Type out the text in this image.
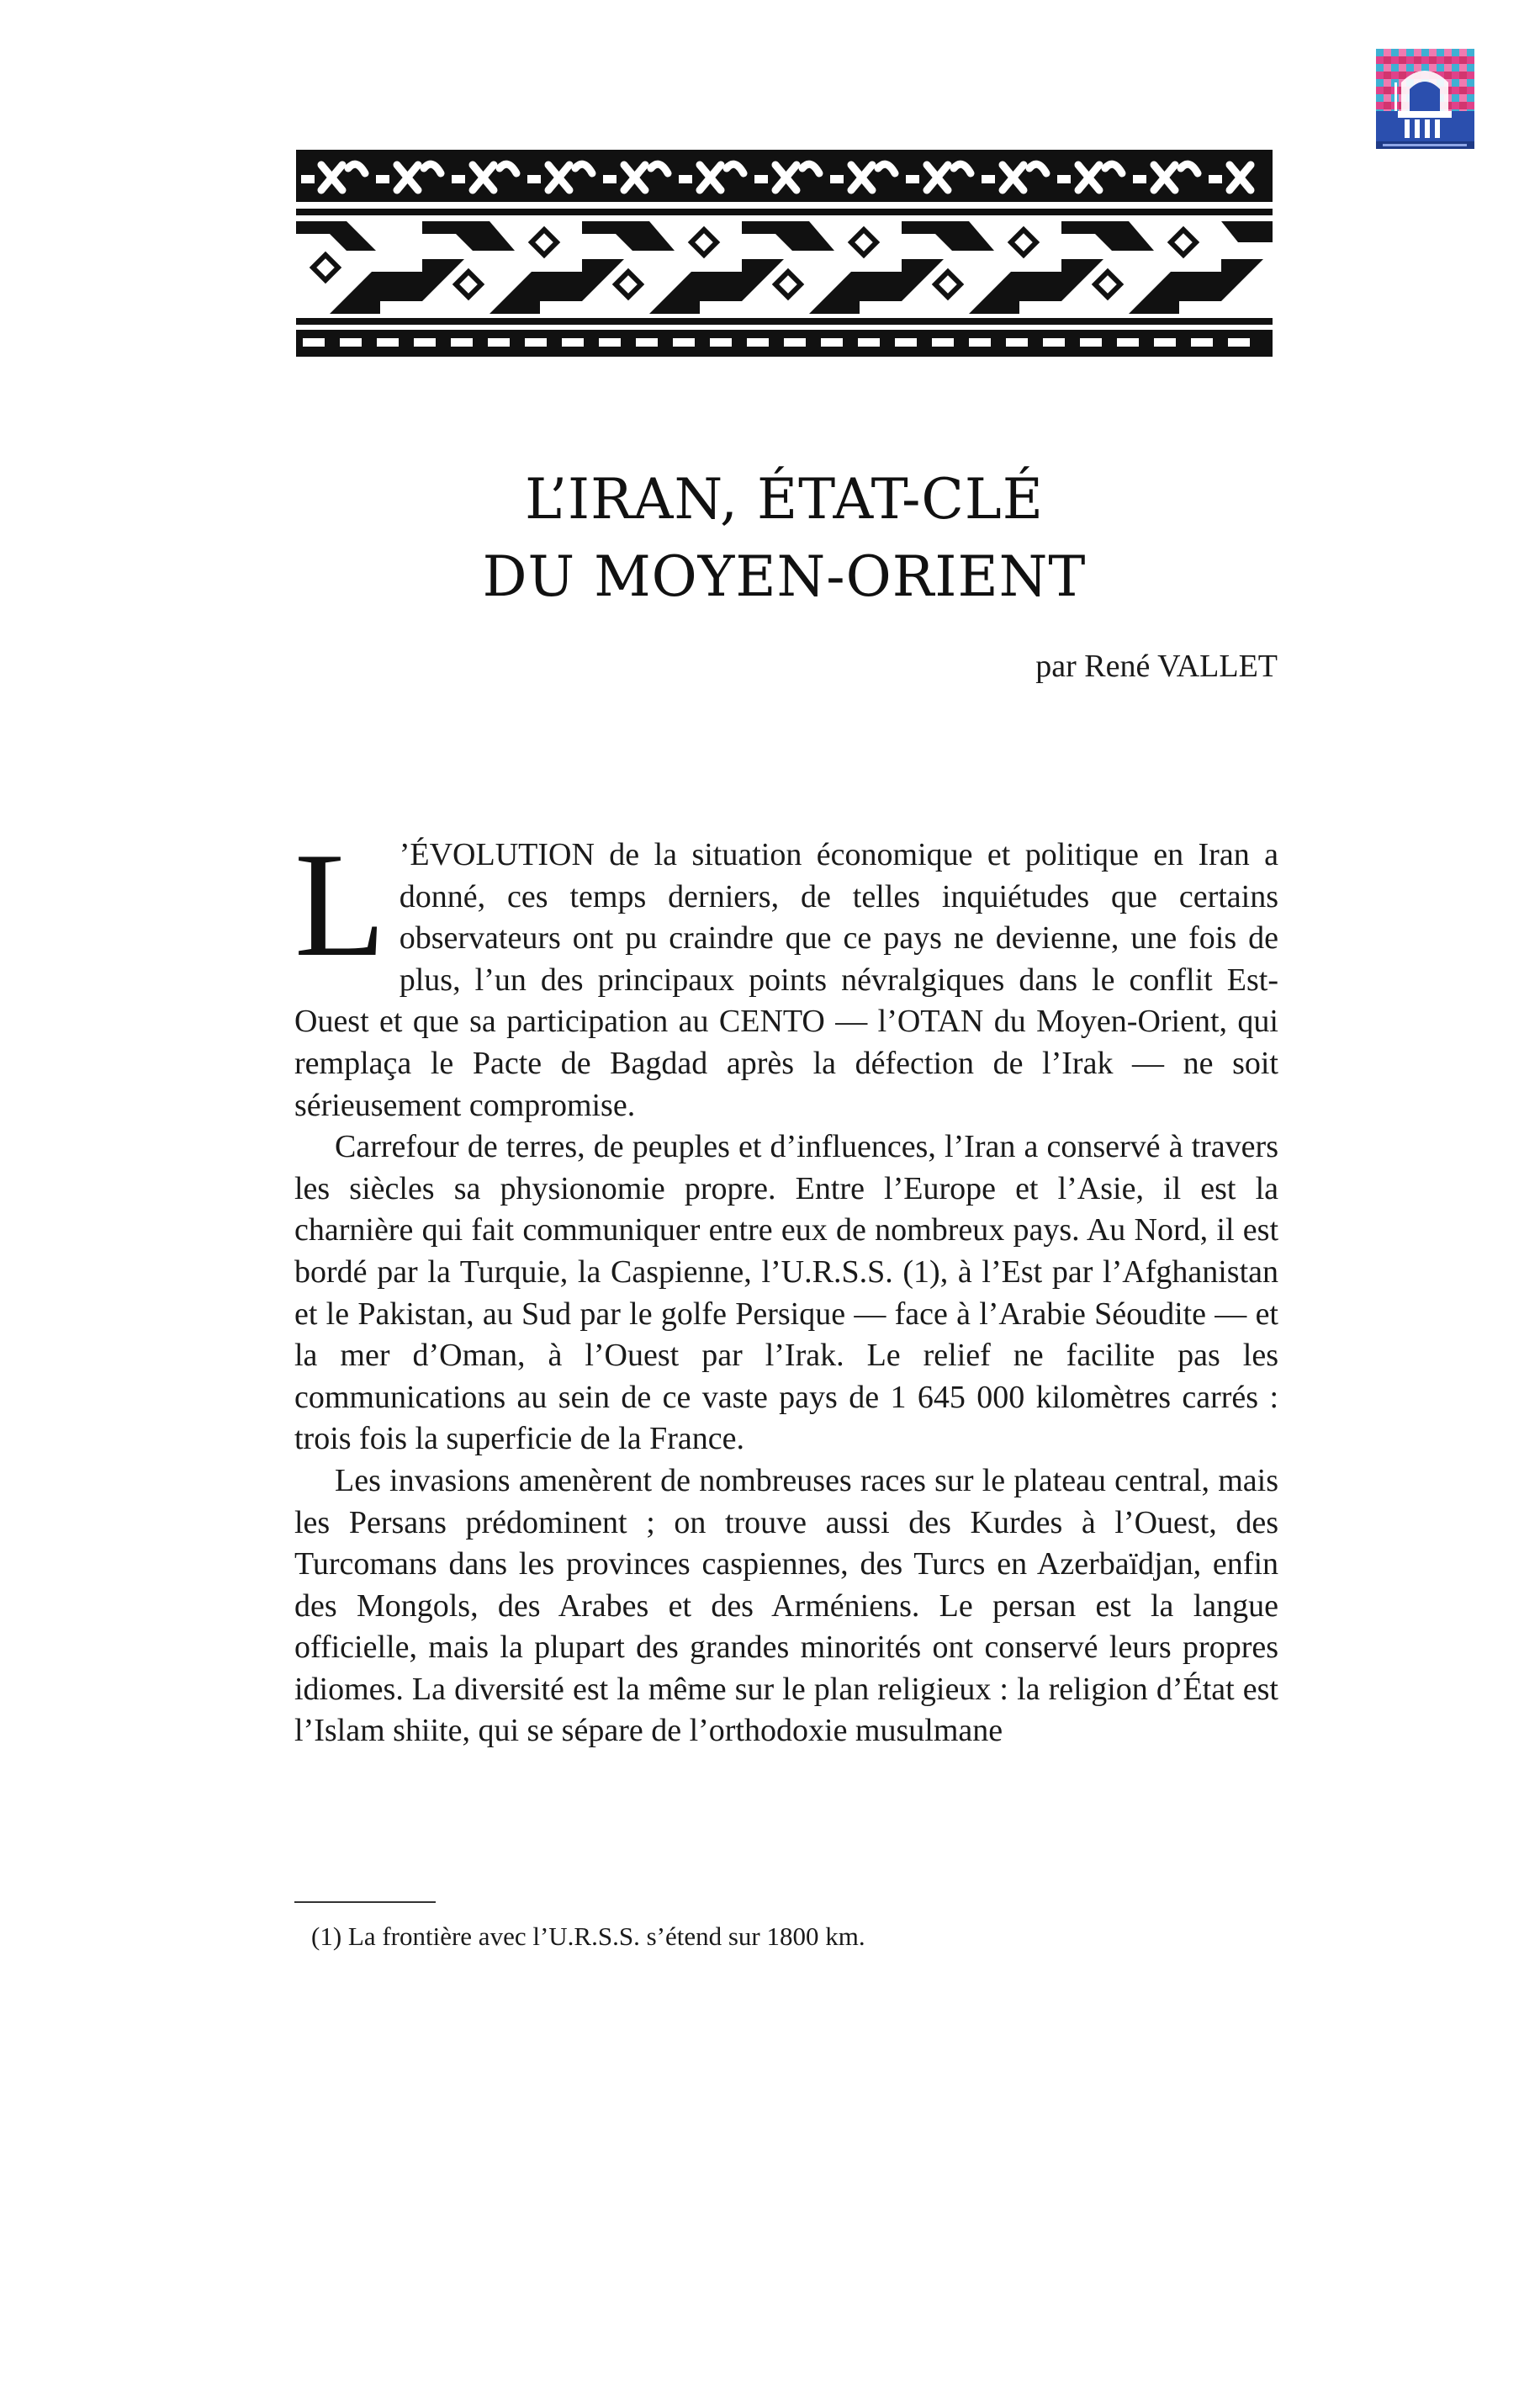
L’IRAN, ÉTAT-CLÉ
DU MOYEN-ORIENT

par René VALLET

L ’ÉVOLUTION de la situation économique et politique en Iran a donné, ces temps derniers, de telles inquiétudes que certains observateurs ont pu craindre que ce pays ne devienne, une fois de plus, l’un des principaux points névralgiques dans le conflit Est-Ouest et que sa participation au CENTO — l’OTAN du Moyen-Orient, qui remplaça le Pacte de Bagdad après la défection de l’Irak — ne soit sérieusement compromise.

Carrefour de terres, de peuples et d’influences, l’Iran a conservé à travers les siècles sa physionomie propre. Entre l’Europe et l’Asie, il est la charnière qui fait communiquer entre eux de nombreux pays. Au Nord, il est bordé par la Turquie, la Caspienne, l’U.R.S.S. (1), à l’Est par l’Afghanistan et le Pakistan, au Sud par le golfe Persique — face à l’Arabie Séoudite — et la mer d’Oman, à l’Ouest par l’Irak. Le relief ne facilite pas les communications au sein de ce vaste pays de 1 645 000 kilomètres carrés : trois fois la superficie de la France.

Les invasions amenèrent de nombreuses races sur le plateau central, mais les Persans prédominent ; on trouve aussi des Kurdes à l’Ouest, des Turcomans dans les provinces caspiennes, des Turcs en Azerbaïdjan, enfin des Mongols, des Arabes et des Arméniens. Le persan est la langue officielle, mais la plupart des grandes minorités ont conservé leurs propres idiomes. La diversité est la même sur le plan religieux : la religion d’État est l’Islam shiite, qui se sépare de l’orthodoxie musulmane

(1) La frontière avec l’U.R.S.S. s’étend sur 1800 km.
